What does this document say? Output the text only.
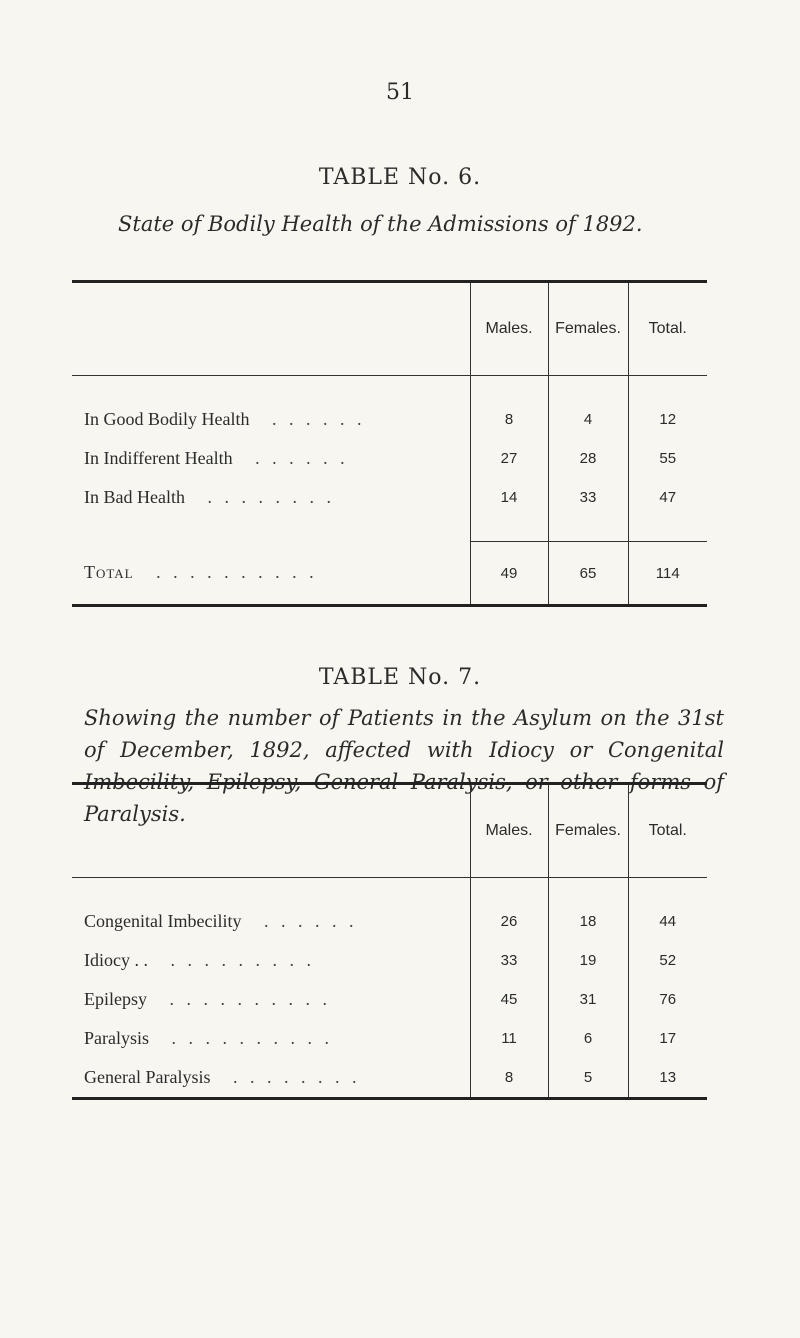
51
TABLE No. 6.
State of Bodily Health of the Admissions of 1892.
	Males.	Females.	Total.

In Good Bodily Health . . . . . .	8	4	12
In Indifferent Health . . . . . .	27	28	55
In Bad Health . . . . . . . .	14	33	47

Total . . . . . . . . . .	49	65	114
TABLE No. 7.
Showing the number of Patients in the Asylum on the 31st of December, 1892, affected with Idiocy or Congenital Imbecility, Epilepsy, General Paralysis, or other forms of Paralysis.
	Males.	Females.	Total.

Congenital Imbecility . . . . . .	26	18	44
Idiocy . . . . . . . . . . .	33	19	52
Epilepsy . . . . . . . . . .	45	31	76
Paralysis . . . . . . . . . .	11	6	17
General Paralysis . . . . . . . .	8	5	13
